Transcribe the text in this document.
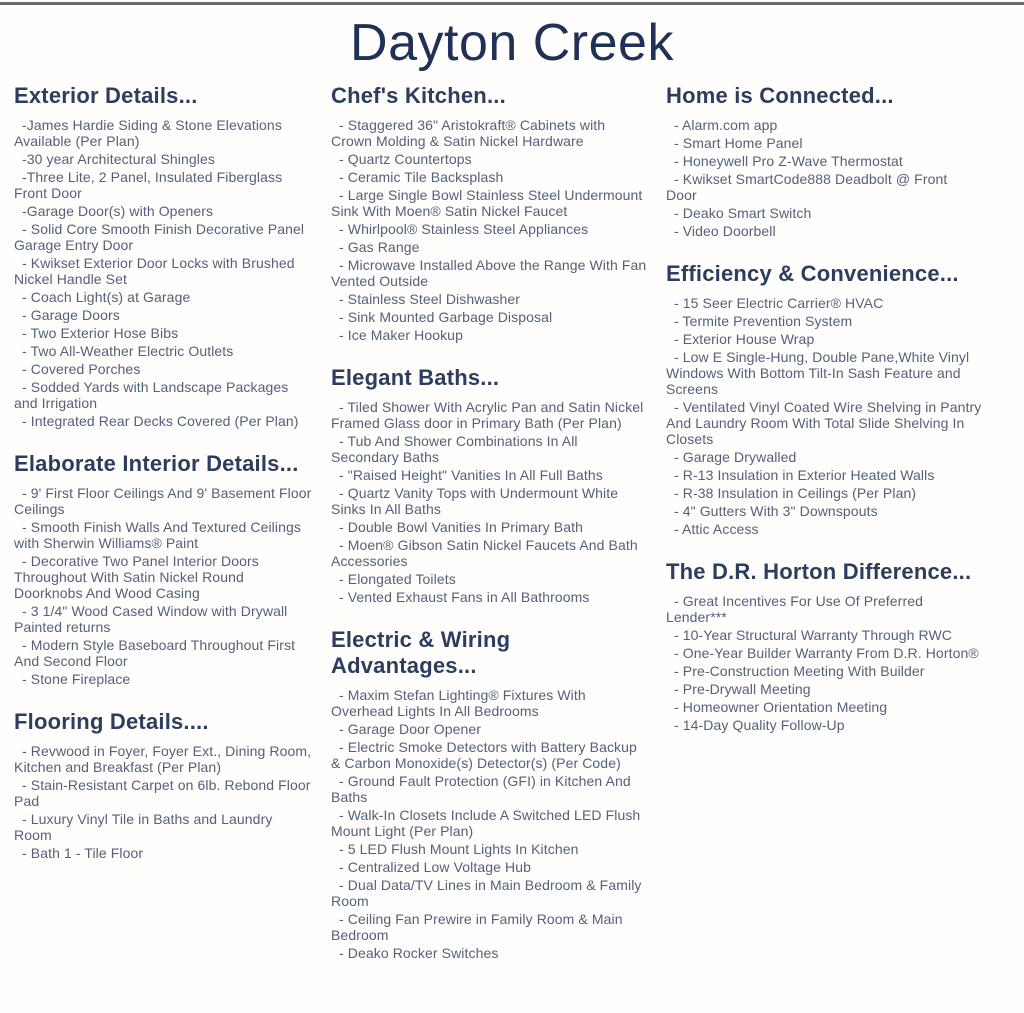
Dayton Creek
Exterior Details...
-James Hardie Siding & Stone Elevations Available (Per Plan)
-30 year Architectural Shingles
-Three Lite, 2 Panel, Insulated Fiberglass Front Door
-Garage Door(s) with Openers
- Solid Core Smooth Finish Decorative Panel Garage Entry Door
- Kwikset Exterior Door Locks with Brushed Nickel Handle Set
- Coach Light(s) at Garage
- Garage Doors
- Two Exterior Hose Bibs
- Two All-Weather Electric Outlets
- Covered Porches
- Sodded Yards with Landscape Packages and Irrigation
- Integrated Rear Decks Covered (Per Plan)
Elaborate Interior Details...
- 9' First Floor Ceilings And 9' Basement Floor Ceilings
- Smooth Finish Walls And Textured Ceilings with Sherwin Williams® Paint
- Decorative Two Panel Interior Doors Throughout With Satin Nickel Round Doorknobs And Wood Casing
- 3 1/4" Wood Cased Window with Drywall Painted returns
- Modern Style Baseboard Throughout First And Second Floor
- Stone Fireplace
Flooring Details....
- Revwood in Foyer, Foyer Ext., Dining Room, Kitchen and Breakfast (Per Plan)
- Stain-Resistant Carpet on 6lb. Rebond Floor Pad
- Luxury Vinyl Tile in Baths and Laundry Room
- Bath 1 - Tile Floor
Chef's Kitchen...
- Staggered 36" Aristokraft® Cabinets with Crown Molding & Satin Nickel Hardware
- Quartz Countertops
- Ceramic Tile Backsplash
- Large Single Bowl Stainless Steel Undermount Sink With Moen® Satin Nickel Faucet
- Whirlpool® Stainless Steel Appliances
- Gas Range
- Microwave Installed Above the Range With Fan Vented Outside
- Stainless Steel Dishwasher
- Sink Mounted Garbage Disposal
- Ice Maker Hookup
Elegant Baths...
- Tiled Shower With Acrylic Pan and Satin Nickel Framed Glass door in Primary Bath (Per Plan)
- Tub And Shower Combinations In All Secondary Baths
- "Raised Height" Vanities In All Full Baths
- Quartz Vanity Tops with Undermount White Sinks In All Baths
- Double Bowl Vanities In Primary Bath
- Moen® Gibson Satin Nickel Faucets And Bath Accessories
- Elongated Toilets
- Vented Exhaust Fans in All Bathrooms
Electric & Wiring Advantages...
- Maxim Stefan Lighting® Fixtures With Overhead Lights In All Bedrooms
- Garage Door Opener
- Electric Smoke Detectors with Battery Backup & Carbon Monoxide(s) Detector(s) (Per Code)
- Ground Fault Protection (GFI) in Kitchen And Baths
- Walk-In Closets Include A Switched LED Flush Mount Light (Per Plan)
- 5 LED Flush Mount Lights In Kitchen
- Centralized Low Voltage Hub
- Dual Data/TV Lines in Main Bedroom & Family Room
- Ceiling Fan Prewire in Family Room & Main Bedroom
- Deako Rocker Switches
Home is Connected...
- Alarm.com app
- Smart Home Panel
- Honeywell Pro Z-Wave Thermostat
- Kwikset SmartCode888 Deadbolt @ Front Door
- Deako Smart Switch
- Video Doorbell
Efficiency & Convenience...
- 15 Seer Electric Carrier® HVAC
- Termite Prevention System
- Exterior House Wrap
- Low E Single-Hung, Double Pane,White Vinyl Windows With Bottom Tilt-In Sash Feature and Screens
- Ventilated Vinyl Coated Wire Shelving in Pantry And Laundry Room With Total Slide Shelving In Closets
- Garage Drywalled
- R-13 Insulation in Exterior Heated Walls
- R-38 Insulation in Ceilings (Per Plan)
- 4" Gutters With 3" Downspouts
- Attic Access
The D.R. Horton Difference...
- Great Incentives For Use Of Preferred Lender***
- 10-Year Structural Warranty Through RWC
- One-Year Builder Warranty From D.R. Horton®
- Pre-Construction Meeting With Builder
- Pre-Drywall Meeting
- Homeowner Orientation Meeting
- 14-Day Quality Follow-Up
